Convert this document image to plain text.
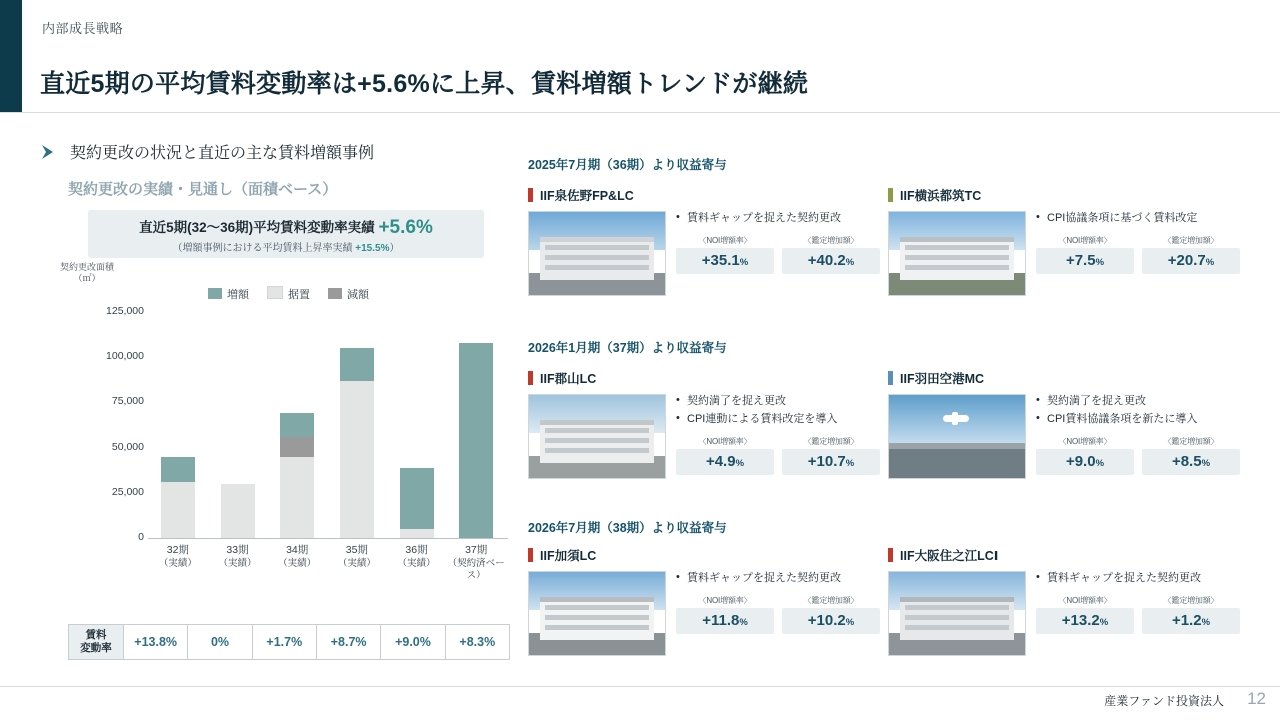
内部成長戦略
直近5期の平均賃料変動率は+5.6%に上昇、賃料増額トレンドが継続
契約更改の状況と直近の主な賃料増額事例
契約更改の実績・見通し（面積ベース）
直近5期(32～36期)平均賃料変動率実績 +5.6%
（増額事例における平均賃料上昇率実績 +15.5%）
契約更改面積
（㎡）
増額	据置	減額
0
25,000
50,000
75,000
100,000
125,000
32期
（実績）
33期
（実績）
34期
（実績）
35期
（実績）
36期
（実績）
37期
（契約済ベース）
賃料
変動率	+13.8%	0%	+1.7%	+8.7%	+9.0%	+8.3%
2025年7月期（36期）より収益寄与
2026年1月期（37期）より収益寄与
2026年7月期（38期）より収益寄与
IIF泉佐野FP&LC
• 賃料ギャップを捉えた契約更改
〈NOI増額率〉
+35.1%
〈鑑定増加額〉
+40.2%
IIF横浜都筑TC
• CPI協議条項に基づく賃料改定
〈NOI増額率〉
+7.5%
〈鑑定増加額〉
+20.7%
IIF郡山LC
• 契約満了を捉え更改
• CPI連動による賃料改定を導入
〈NOI増額率〉
+4.9%
〈鑑定増加額〉
+10.7%
IIF羽田空港MC
• 契約満了を捉え更改
• CPI賃料協議条項を新たに導入
〈NOI増額率〉
+9.0%
〈鑑定増加額〉
+8.5%
IIF加須LC
• 賃料ギャップを捉えた契約更改
〈NOI増額率〉
+11.8%
〈鑑定増加額〉
+10.2%
IIF大阪住之江LCⅠ
• 賃料ギャップを捉えた契約更改
〈NOI増額率〉
+13.2%
〈鑑定増加額〉
+1.2%
産業ファンド投資法人 12
